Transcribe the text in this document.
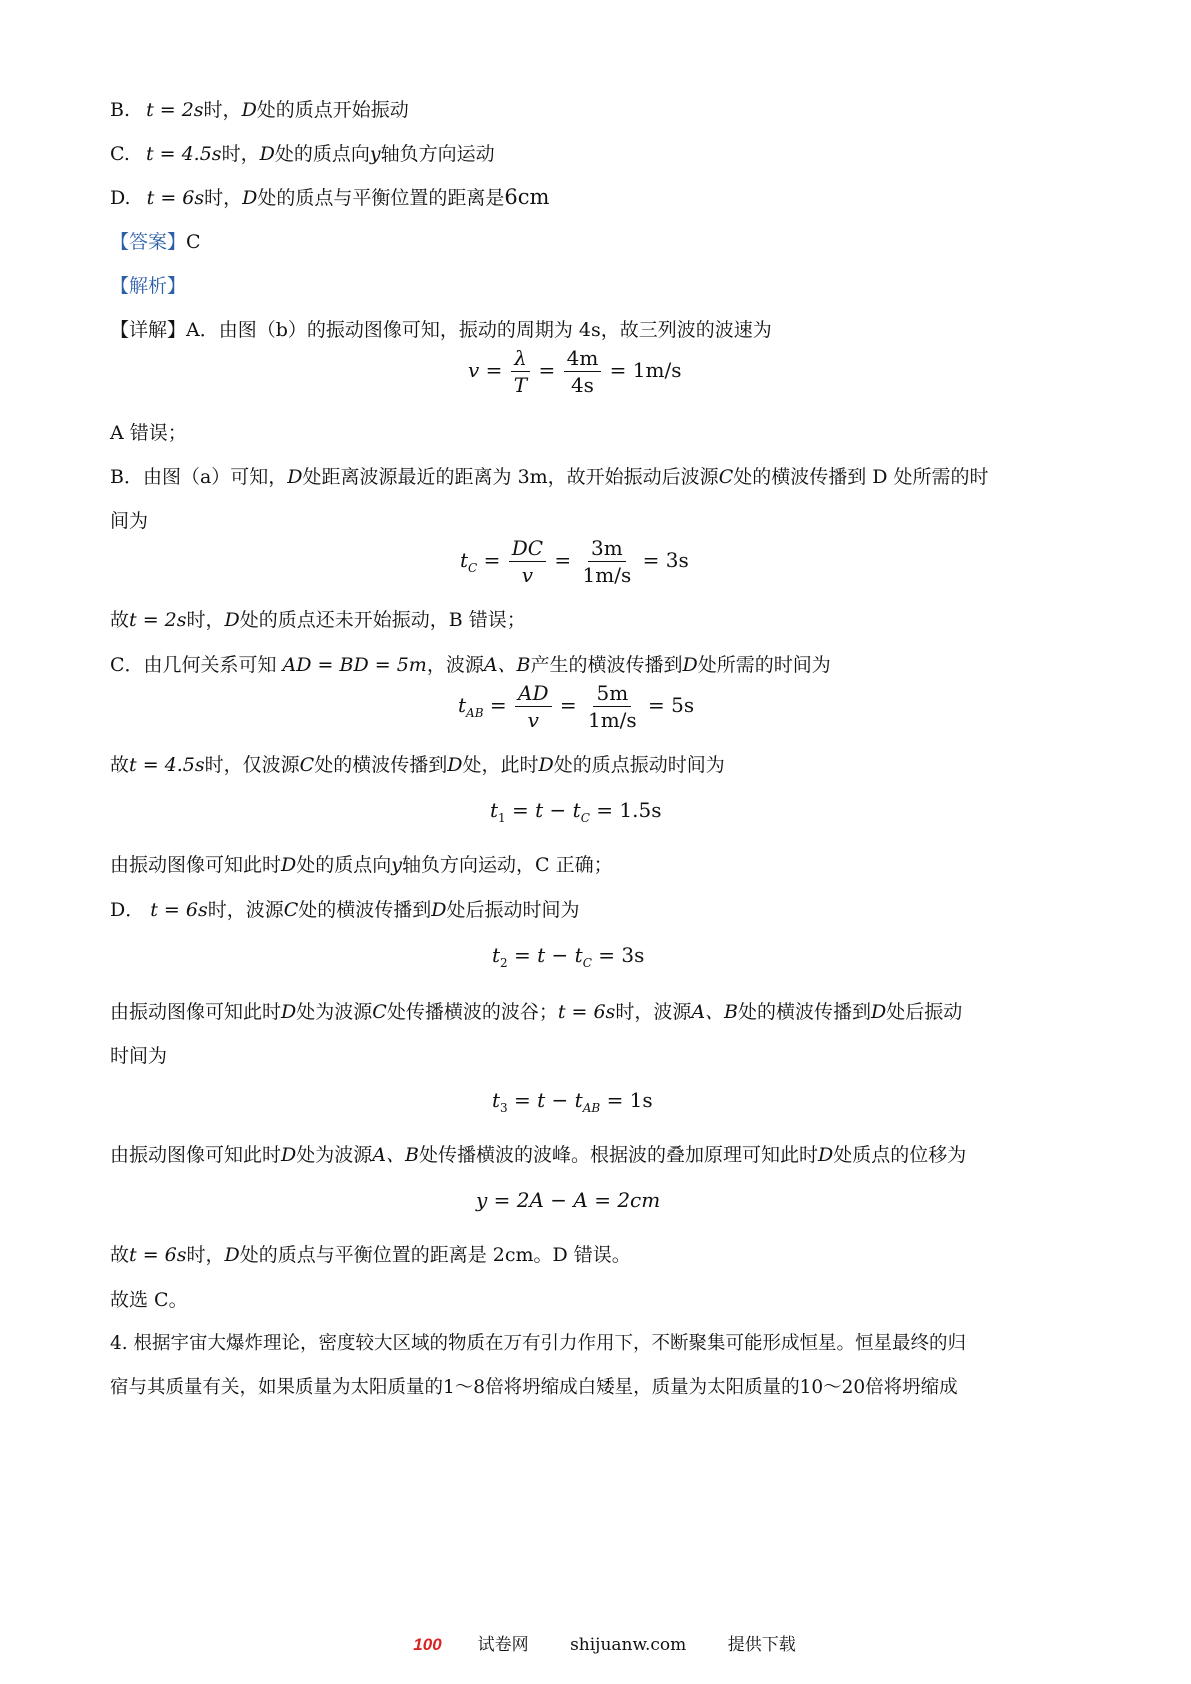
B. t = 2s时，D处的质点开始振动
C. t = 4.5s时，D处的质点向y轴负方向运动
D. t = 6s时，D处的质点与平衡位置的距离是6cm
【答案】C
【解析】
【详解】A．由图（b）的振动图像可知，振动的周期为 4s，故三列波的波速为
$v = \frac{\lambda}{T} = \frac{4m}{4s} = 1m/s$
A 错误；
B．由图（a）可知，D处距离波源最近的距离为 3m，故开始振动后波源C处的横波传播到 D 处所需的时
间为
$t_C = \frac{DC}{v} = \frac{3m}{1m/s} = 3s$
故t = 2s时，D处的质点还未开始振动，B 错误；
C．由几何关系可知 AD = BD = 5m，波源A、B产生的横波传播到D处所需的时间为
$t_{AB} = \frac{AD}{v} = \frac{5m}{1m/s} = 5s$
故t = 4.5s时，仅波源C处的横波传播到D处，此时D处的质点振动时间为
$t_1 = t - t_C = 1.5s$
由振动图像可知此时D处的质点向y轴负方向运动，C 正确；
D． t = 6s时，波源C处的横波传播到D处后振动时间为
$t_2 = t - t_C = 3s$
由振动图像可知此时D处为波源C处传播横波的波谷；t = 6s时，波源A、B处的横波传播到D处后振动
时间为
$t_3 = t - t_{AB} = 1s$
由振动图像可知此时D处为波源A、B处传播横波的波峰。根据波的叠加原理可知此时D处质点的位移为
y = 2A − A = 2cm
故t = 6s时，D处的质点与平衡位置的距离是 2cm。D 错误。
故选 C。
4. 根据宇宙大爆炸理论，密度较大区域的物质在万有引力作用下，不断聚集可能形成恒星。恒星最终的归
宿与其质量有关，如果质量为太阳质量的1～8倍将坍缩成白矮星，质量为太阳质量的10～20倍将坍缩成
100 试卷网 shijuanw.com 提供下载
